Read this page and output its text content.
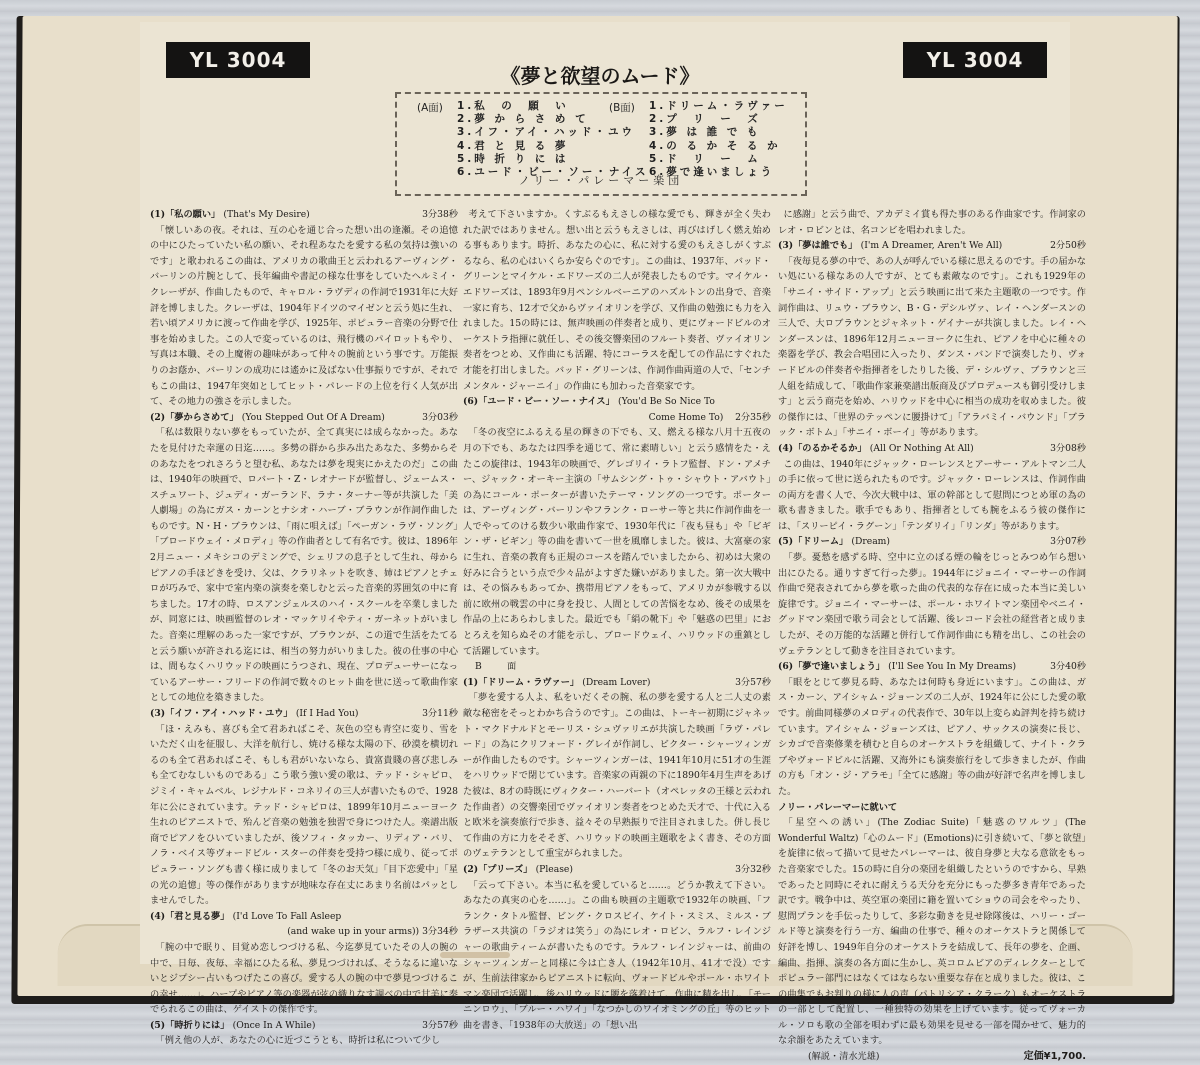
YL 3004	YL 3004
《夢と欲望のムード》
(A面) 1.私　の　願　い
2.夢 か ら さ め て
3.イフ・アイ・ハッド・ユウ
4.君 と 見 る 夢
5.時 折 り に は
6.ユード・ビー・ソー・ナイス
(B面) 1.ドリーム・ラヴァー
2.プ　リ　ー　ズ
3.夢 は 誰 で も
4.の る か そ る か
5.ド　リ　ー　ム
6.夢で逢いましょう
ノリー・パレーマー楽団
(1)「私の願い」 (That's My Desire)	3分38秒

「懐しいあの夜。それは、互の心を通じ合った想い出の逢瀬。その追憶の中にひたっていたい私の願い、それ程あなたを愛する私の気持は強いのです」と歌われるこの曲は、アメリカの歌曲王と云われるアーヴィング・バーリンの片腕として、長年編曲や書記の様な仕事をしていたヘルミイ・クレーザが、作曲したもので、キャロル・ラヴディの作詞で1931年に大好評を博しました。クレーザは、1904年ドイツのマイゼンと云う処に生れ、若い頃アメリカに渡って作曲を学び、1925年、ポピュラー音楽の分野で仕事を始めました。この人で変っているのは、飛行機のパイロットもやり、写真は本職、その上魔術の趣味があって仲々の腕前という事です。万能振りのお蔭か、バーリンの成功には遙かに及ばない仕事振りですが、それでもこの曲は、1947年突如としてヒット・パレードの上位を行く人気が出て、その地力の強さを示しました。

(2)「夢からさめて」 (You Stepped Out Of A Dream)	3分03秒

「私は数限りない夢をもっていたが、全て真実には成らなかった。あなたを見付けた幸運の日迄……。多勢の群から歩み出たあなた、多勢からそのあなたをつれさろうと望む私、あなたは夢を現実にかえたのだ」この曲は、1940年の映画で、ロバート・Z・レオナードが監督し、ジェームス・スチュワート、ジュディ・ガーランド、ラナ・ターナー等が共演した「美人劇場」の為にガス・カーンとナシオ・ハーブ・ブラウンが作詞作曲したものです。N・H・ブラウンは、「雨に唄えば」「ペーガン・ラヴ・ソング」「ブロードウェイ・メロディ」等の作曲者として有名です。彼は、1896年2月ニュー・メキシコのデミングで、シェリフの息子として生れ、母からピアノの手ほどきを受け、父は、クラリネットを吹き、姉はピアノとチェロが巧みで、家中で室内楽の演奏を楽しむと云った音楽的雰囲気の中に育ちました。17才の時、ロスアンジェルスのハイ・スクールを卒業しましたが、同窓には、映画監督のレオ・マッケリイやティ・ガーネットがいました。音楽に理解のあった一家ですが、ブラウンが、この道で生活をたてると云う願いが許される迄には、相当の努力がいりました。彼の仕事の中心は、間もなくハリウッドの映画にうつされ、現在、プロデューサーになっているアーサー・フリードの作詞で数々のヒット曲を世に送って歌曲作家としての地位を築きました。

(3)「イフ・アイ・ハッド・ユウ」 (If I Had You)	3分11秒

「ほ・えみも、喜びも全て君あればこそ、灰色の空も青空に変り、雪をいただく山を征服し、大洋を航行し、焼ける様な太陽の下、砂漠を横切れるのも全て君あればこそ、もしも君がいないなら、貴富貴賤の喜び悲しみも全てむなしいものである」こう歌う強い愛の歌は、テッド・シャピロ、ジミイ・キャムベル、レジナルド・コネリイの三人が書いたもので、1928年に公にされています。テッド・シャピロは、1899年10月ニューヨーク生れのピアニストで、殆んど音楽の勉強を独習で身につけた人。楽譜出版商でピアノをひいていましたが、後ソフィ・タッカー、リディア・バリ、ノラ・ベイス等ヴォードビル・スターの伴奏を受持つ様に成り、従ってポピュラー・ソングも書く様に成りまして「冬のお天気」「目下恋愛中」「星の光の追憶」等の傑作がありますが地味な存在丈にあまり名前はパッとしませんでした。

(4)「君と見る夢」 (I'd Love To Fall Asleep
(and wake up in your arms)) 3分34秒

「腕の中で眠り、目覚め恋しつづける私、今迄夢見ていたその人の腕の中で、日毎、夜毎、幸福にひたる私、夢見つづければ、そうなるに違いないとジプシー占いもつげたこの喜び。愛する人の腕の中で夢見つづけるこの幸せ……」。ハープやピアノ等の楽器が弦の織りなす調べの中で甘美に奏でられるこの曲は、ゲイストの傑作です。

(5)「時折りには」 (Once In A While)	3分57秒

「例え他の人が、あなたの心に近づこうとも、時折は私について少し

考えて下さいますか。くすぶるもえさしの様な愛でも、輝きが全く失われた訳ではありません。想い出と云うもえさしは、再びはげしく燃え始める事もあります。時折、あなたの心に、私に対する愛のもえさしがくすぶるなら、私の心はいくらか安らぐのです」。この曲は、1937年、バッド・グリーンとマイケル・エドワーズの二人が発表したものです。マイケル・エドワーズは、1893年9月ペンシルベーニアのハズルトンの出身で、音楽一家に育ち、12才で父からヴァイオリンを学び、又作曲の勉強にも力を入れました。15の時には、無声映画の伴奏者と成り、更にヴォードビルのオーケストラ指揮に就任し、その後交響楽団のフルート奏者、ヴァイオリン奏者をつとめ、又作曲にも活躍、特にコーラスを配しての作品にすぐれた才能を打出しました。バッド・グリーンは、作詞作曲両道の人で、「センチメンタル・ジャーニイ」の作曲にも加わった音楽家です。

(6)「ユード・ビー・ソー・ナイス」 (You'd Be So Nice To
Come Home To) 2分35秒

「冬の夜空にふるえる星の輝きの下でも、又、燃える様な八月十五夜の月の下でも、あなたは四季を通じて、常に素晴しい」と云う感情をた・えたこの旋律は、1943年の映画で、グレゴリイ・ラトフ監督、ドン・アメチー、ジャック・オーキー主演の「サムシング・トゥ・シャウト・アバウト」の為にコール・ポーターが書いたテーマ・ソングの一つです。ポーターは、アーヴィング・バーリンやフランク・ローサー等と共に作詞作曲を一人でやってのける数少い歌曲作家で、1930年代に「夜も昼も」や「ビギン・ザ・ビギン」等の曲を書いて一世を風靡しました。彼は、大富豪の家に生れ、音楽の教育も正規のコースを踏んでいましたから、初めは大衆の好みに合うという点で少々品がよすぎた嫌いがありました。第一次大戦中は、その悩みもあってか、携帯用ピアノをもって、アメリカが参戦する以前に欧州の戦雲の中に身を投じ、人間としての苦悩をなめ、後その成果を作品の上にあらわしました。最近でも「絹の靴下」や「魅惑の巴里」におとろえを知らぬその才能を示し、ブロードウェイ、ハリウッドの重鎮として活躍しています。

B　面
(1)「ドリーム・ラヴァー」 (Dream Lover)	3分57秒

「夢を愛する人よ、私をいだくその腕、私の夢を愛する人と二人丈の素敵な秘密をそっとわかち合うのです」。この曲は、トーキー初期にジャネット・マクドナルドとモーリス・シュヴァリエが共演した映画「ラヴ・パレード」の為にクリフォード・グレイが作詞し、ビクター・シャーツィンガーが作曲したものです。シャーツィンガーは、1941年10月に51才の生涯をハリウッドで閉じています。音楽家の両親の下に1890年4月生声をあげた彼は、8才の時既にヴィクター・ハーバート（オペレッタの王様と云われた作曲者）の交響楽団でヴァイオリン奏者をつとめた天才で、十代に入ると欧米を演奏旅行で歩き、益々その早熟振りで注目されました。併し長じて作曲の方に力をそそぎ、ハリウッドの映画主題歌をよく書き、その方面のヴェテランとして重宝がられました。

(2)「プリーズ」 (Please)	3分32秒

「云って下さい。本当に私を愛していると……。どうか教えて下さい。あなたの真実の心を……」。この曲も映画の主題歌で1932年の映画、「フランク・タトル監督、ビング・クロスビイ、ケイト・スミス、ミルス・ブラザース共演の「ラジオは笑う」の為にレオ・ロビン、ラルフ・レインジャーの歌曲ティームが書いたものです。ラルフ・レインジャーは、前曲のシャーツィンガーと同様に今は亡き人（1942年10月、41才で没）ですが、生前法律家からピアニストに転向、ヴォードビルやポール・ホワイトマン楽団で活躍し、後ハリウッドに腰を落着けて、作曲に精を出し、「モーニンロウ」、「ブルー・ハワイ」「なつかしのワイオミングの丘」等のヒット曲を書き、「1938年の大放送」の「想い出

に感謝」と云う曲で、アカデミイ賞も得た事のある作曲家です。作詞家のレオ・ロビンとは、名コンビを唱われました。

(3)「夢は誰でも」 (I'm A Dreamer, Aren't We All)	2分50秒

「夜毎見る夢の中で、あの人が呼んでいる様に思えるのです。手の届かない処にいる様なあの人ですが、とても素敵なのです」。これも1929年の「サニイ・サイド・アップ」と云う映画に出て来た主題歌の一つです。作詞作曲は、リュウ・ブラウン、B・G・デシルヴァ、レイ・ヘンダースンの三人で、大ロブラウンとジャネット・ゲイナーが共演しました。レイ・ヘンダースンは、1896年12月ニューヨークに生れ、ピアノを中心に種々の楽器を学び、教会合唱団に入ったり、ダンス・バンドで演奏したり、ヴォードビルの伴奏者や指揮者をしたりした後、デ・シルヴァ、ブラウンと三人組を結成して、「歌曲作家兼楽譜出版商及びプロデュースも御引受けします」と云う商売を始め、ハリウッドを中心に相当の成功を収めました。彼の傑作には、「世界のテッペンに腰掛けて」「アラバミイ・バウンド」「ブラック・ボトム」「サニイ・ボーイ」等があります。

(4)「のるかそるか」 (All Or Nothing At All)	3分08秒

この曲は、1940年にジャック・ローレンスとアーサー・アルトマン二人の手に依って世に送られたものです。ジャック・ローレンスは、作詞作曲の両方を書く人で、今次大戦中は、軍の幹部として慰問につとめ軍の為の歌も書きました。歌手でもあり、指揮者としても腕をふるう彼の傑作には、「スリーピイ・ラグーン」「テンダリイ」「リンダ」等があります。

(5)「ドリーム」 (Dream)	3分07秒

「夢。憂愁を感ずる時、空中に立のぼる煙の輪をじっとみつめ乍ら想い出にひたる。通りすぎて行った夢」。1944年にジョニイ・マーサーの作詞作曲で発表されてから夢を歌った曲の代表的な存在に成った本当に美しい旋律です。ジョニイ・マーサーは、ポール・ホワイトマン楽団やベニイ・グッドマン楽団で歌う司会として活躍、後レコード会社の経営者と成りましたが、その万能的な活躍と併行して作詞作曲にも精を出し、この社会のヴェテランとして動きを注目されています。

(6)「夢で逢いましょう」 (I'll See You In My Dreams)	3分40秒

「眼をとじて夢見る時、あなたは何時も身近にいます」。この曲は、ガス・カーン、アイシャム・ジョーンズの二人が、1924年に公にした愛の歌です。前曲同様夢のメロディの代表作で、30年以上変らぬ評判を持ち続けています。アイシャム・ジョーンズは、ピアノ、サックスの演奏に長じ、シカゴで音楽修業を積むと自らのオーケストラを組織して、ナイト・クラブやヴォードビルに活躍、又海外にも演奏旅行をして歩きましたが、作曲の方も「オン・ジ・アラモ」「全てに感謝」等の曲が好評で名声を博しました。

ノリー・パレーマーに就いて

「星空への誘い」(The Zodiac Suite)「魅惑のワルツ」(The Wonderful Waltz)「心のムード」(Emotions)に引き続いて、「夢と欲望」を旋律に依って描いて見せたパレーマーは、彼自身夢と大なる意欲をもった音楽家でした。15の時に自分の楽団を組織したというのですから、早熟であったと同時にそれに耐えうる天分を充分にもった夢多き青年であった訳です。戦争中は、英空軍の楽団に籍を置いてショウの司会をやったり、慰問プランを手伝ったりして、多彩な動きを見せ除隊後は、ハリー・ゴールド等と演奏を行う一方、編曲の仕事で、種々のオーケストラと関係して好評を博し、1949年自分のオーケストラを結成して、長年の夢を、企画、編曲、指揮、演奏の各方面に生かし、英コロムビアのディレクターとしてポピュラー部門にはなくてはならない重要な存在と成りました。彼は、この曲集でもお判りの様に人の声（パトリシア・クラーク）もオーケストラの一部として配置し、一種独特の効果を上げています。従ってヴォーカル・ソロも歌の全部を唄わずに最も効果を見せる一部を聞かせて、魅力的な余韻をあたえています。

(解説・清水光雄)	定価¥1,700.
